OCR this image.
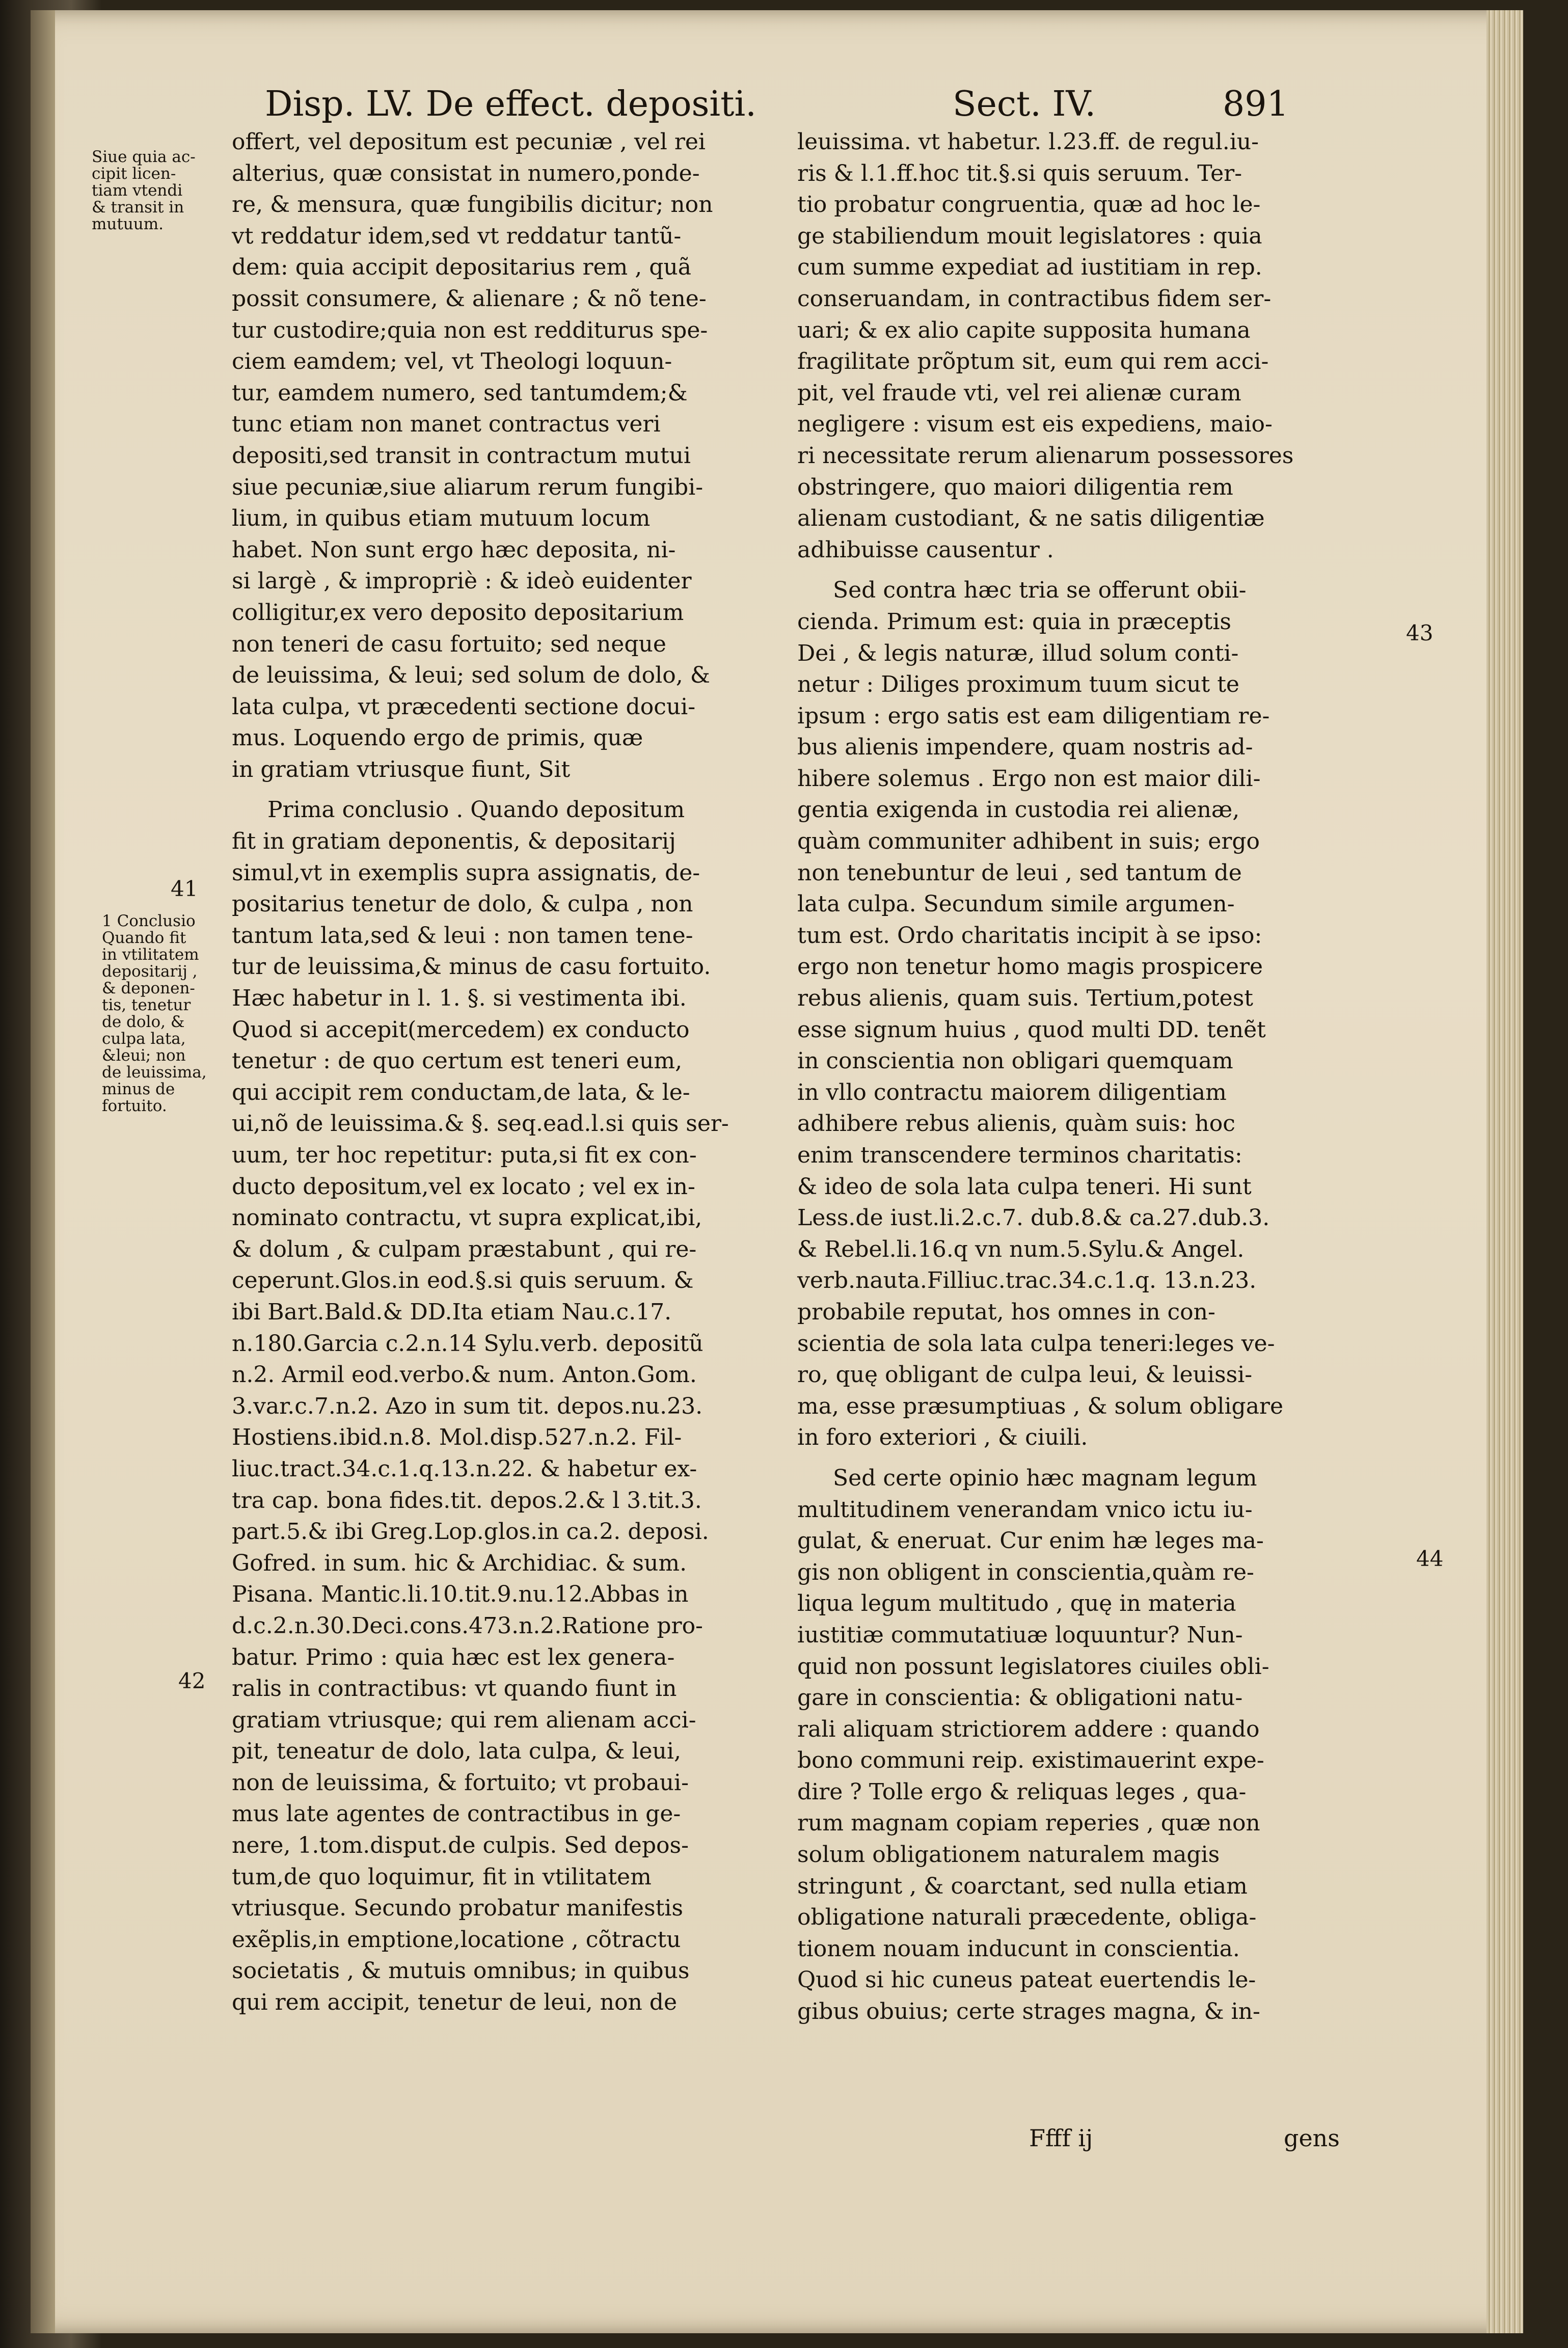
Disp. LV. De effect. depositi.	Sect. IV.	891
Siue quia ac-
cipit licen-
tiam vtendi
& transit in
mutuum.
41
1 Conclusio
Quando fit
in vtilitatem
depositarij ,
& deponen-
tis, tenetur
de dolo, &
culpa lata,
&leui; non
de leuissima,
minus de
fortuito.
42
43
44
offert, vel depositum est pecuniæ , vel rei
alterius, quæ consistat in numero,ponde-
re, & mensura, quæ fungibilis dicitur; non
vt reddatur idem,sed vt reddatur tantũ-
dem: quia accipit depositarius rem , quã
possit consumere, & alienare ; & nõ tene-
tur custodire;quia non est redditurus spe-
ciem eamdem; vel, vt Theologi loquun-
tur, eamdem numero, sed tantumdem;&
tunc etiam non manet contractus veri
depositi,sed transit in contractum mutui
siue pecuniæ,siue aliarum rerum fungibi-
lium, in quibus etiam mutuum locum
habet. Non sunt ergo hæc deposita, ni-
si largè , & impropriè : & ideò euidenter
colligitur,ex vero deposito depositarium
non teneri de casu fortuito; sed neque
de leuissima, & leui; sed solum de dolo, &
lata culpa, vt præcedenti sectione docui-
mus. Loquendo ergo de primis, quæ
in gratiam vtriusque fiunt, Sit
Prima conclusio . Quando depositum
fit in gratiam deponentis, & depositarij
simul,vt in exemplis supra assignatis, de-
positarius tenetur de dolo, & culpa , non
tantum lata,sed & leui : non tamen tene-
tur de leuissima,& minus de casu fortuito.
Hæc habetur in l. 1. §. si vestimenta ibi.
Quod si accepit(mercedem) ex conducto
tenetur : de quo certum est teneri eum,
qui accipit rem conductam,de lata, & le-
ui,nõ de leuissima.& §. seq.ead.l.si quis ser-
uum, ter hoc repetitur: puta,si fit ex con-
ducto depositum,vel ex locato ; vel ex in-
nominato contractu, vt supra explicat,ibi,
& dolum , & culpam præstabunt , qui re-
ceperunt.Glos.in eod.§.si quis seruum. &
ibi Bart.Bald.& DD.Ita etiam Nau.c.17.
n.180.Garcia c.2.n.14 Sylu.verb. depositũ
n.2. Armil eod.verbo.& num. Anton.Gom.
3.var.c.7.n.2. Azo in sum tit. depos.nu.23.
Hostiens.ibid.n.8. Mol.disp.527.n.2. Fil-
liuc.tract.34.c.1.q.13.n.22. & habetur ex-
tra cap. bona fides.tit. depos.2.& l 3.tit.3.
part.5.& ibi Greg.Lop.glos.in ca.2. deposi.
Gofred. in sum. hic & Archidiac. & sum.
Pisana. Mantic.li.10.tit.9.nu.12.Abbas in
d.c.2.n.30.Deci.cons.473.n.2.Ratione pro-
batur. Primo : quia hæc est lex genera-
ralis in contractibus: vt quando fiunt in
gratiam vtriusque; qui rem alienam acci-
pit, teneatur de dolo, lata culpa, & leui,
non de leuissima, & fortuito; vt probaui-
mus late agentes de contractibus in ge-
nere, 1.tom.disput.de culpis. Sed depos-
tum,de quo loquimur, fit in vtilitatem
vtriusque. Secundo probatur manifestis
exẽplis,in emptione,locatione , cõtractu
societatis , & mutuis omnibus; in quibus
qui rem accipit, tenetur de leui, non de
leuissima. vt habetur. l.23.ff. de regul.iu-
ris & l.1.ff.hoc tit.§.si quis seruum. Ter-
tio probatur congruentia, quæ ad hoc le-
ge stabiliendum mouit legislatores : quia
cum summe expediat ad iustitiam in rep.
conseruandam, in contractibus fidem ser-
uari; & ex alio capite supposita humana
fragilitate prõptum sit, eum qui rem acci-
pit, vel fraude vti, vel rei alienæ curam
negligere : visum est eis expediens, maio-
ri necessitate rerum alienarum possessores
obstringere, quo maiori diligentia rem
alienam custodiant, & ne satis diligentiæ
adhibuisse causentur .
Sed contra hæc tria se offerunt obii-
cienda. Primum est: quia in præceptis
Dei , & legis naturæ, illud solum conti-
netur : Diliges proximum tuum sicut te
ipsum : ergo satis est eam diligentiam re-
bus alienis impendere, quam nostris ad-
hibere solemus . Ergo non est maior dili-
gentia exigenda in custodia rei alienæ,
quàm communiter adhibent in suis; ergo
non tenebuntur de leui , sed tantum de
lata culpa. Secundum simile argumen-
tum est. Ordo charitatis incipit à se ipso:
ergo non tenetur homo magis prospicere
rebus alienis, quam suis. Tertium,potest
esse signum huius , quod multi DD. tenẽt
in conscientia non obligari quemquam
in vllo contractu maiorem diligentiam
adhibere rebus alienis, quàm suis: hoc
enim transcendere terminos charitatis:
& ideo de sola lata culpa teneri. Hi sunt
Less.de iust.li.2.c.7. dub.8.& ca.27.dub.3.
& Rebel.li.16.q vn num.5.Sylu.& Angel.
verb.nauta.Filliuc.trac.34.c.1.q. 13.n.23.
probabile reputat, hos omnes in con-
scientia de sola lata culpa teneri:leges ve-
ro, quę obligant de culpa leui, & leuissi-
ma, esse præsumptiuas , & solum obligare
in foro exteriori , & ciuili.
Sed certe opinio hæc magnam legum
multitudinem venerandam vnico ictu iu-
gulat, & eneruat. Cur enim hæ leges ma-
gis non obligent in conscientia,quàm re-
liqua legum multitudo , quę in materia
iustitiæ commutatiuæ loquuntur? Nun-
quid non possunt legislatores ciuiles obli-
gare in conscientia: & obligationi natu-
rali aliquam strictiorem addere : quando
bono communi reip. existimauerint expe-
dire ? Tolle ergo & reliquas leges , qua-
rum magnam copiam reperies , quæ non
solum obligationem naturalem magis
stringunt , & coarctant, sed nulla etiam
obligatione naturali præcedente, obliga-
tionem nouam inducunt in conscientia.
Quod si hic cuneus pateat euertendis le-
gibus obuius; certe strages magna, & in-
Ffff ij	gens
